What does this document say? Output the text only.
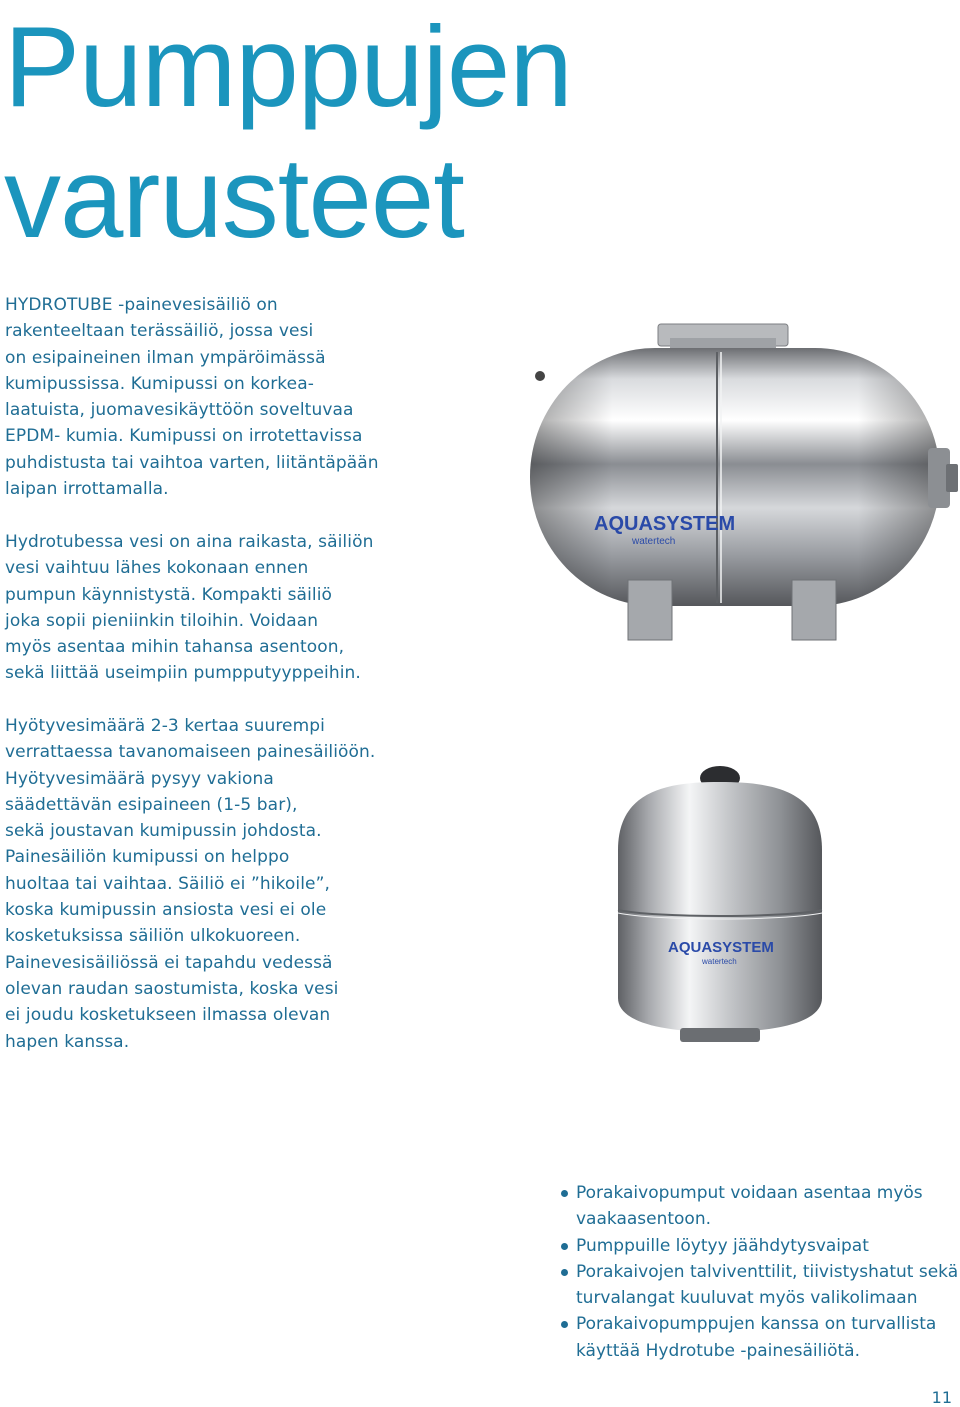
Pumppujen
varusteet

HYDROTUBE -painevesisäiliö on
rakenteeltaan terässäiliö, jossa vesi
on esipaineinen ilman ympäröimässä
kumipussissa. Kumipussi on korkea-
laatuista, juomavesikäyttöön soveltuvaa
EPDM- kumia. Kumipussi on irrotettavissa
puhdistusta tai vaihtoa varten, liitäntäpään
laipan irrottamalla.

Hydrotubessa vesi on aina raikasta, säiliön
vesi vaihtuu lähes kokonaan ennen
pumpun käynnistystä. Kompakti säiliö
joka sopii pieniinkin tiloihin. Voidaan
myös asentaa mihin tahansa asentoon,
sekä liittää useimpiin pumpputyyppeihin.

Hyötyvesimäärä 2-3 kertaa suurempi
verrattaessa tavanomaiseen painesäiliöön.
Hyötyvesimäärä pysyy vakiona
säädettävän esipaineen (1-5 bar),
sekä joustavan kumipussin johdosta.
Painesäiliön kumipussi on helppo
huoltaa tai vaihtaa. Säiliö ei ”hikoile”,
koska kumipussin ansiosta vesi ei ole
kosketuksissa säiliön ulkokuoreen.
Painevesisäiliössä ei tapahdu vedessä
olevan raudan saostumista, koska vesi
ei joudu kosketukseen ilmassa olevan
hapen kanssa.

AQUASYSTEM
watertech
AQUASYSTEM
watertech
Porakaivopumput voidaan asentaa myös
vaakaasentoon.
Pumppuille löytyy jäähdytysvaipat
Porakaivojen talviventtilit, tiivistyshatut sekä
turvalangat kuuluvat myös valikolimaan
Porakaivopumppujen kanssa on turvallista
käyttää Hydrotube -painesäiliötä.
11
